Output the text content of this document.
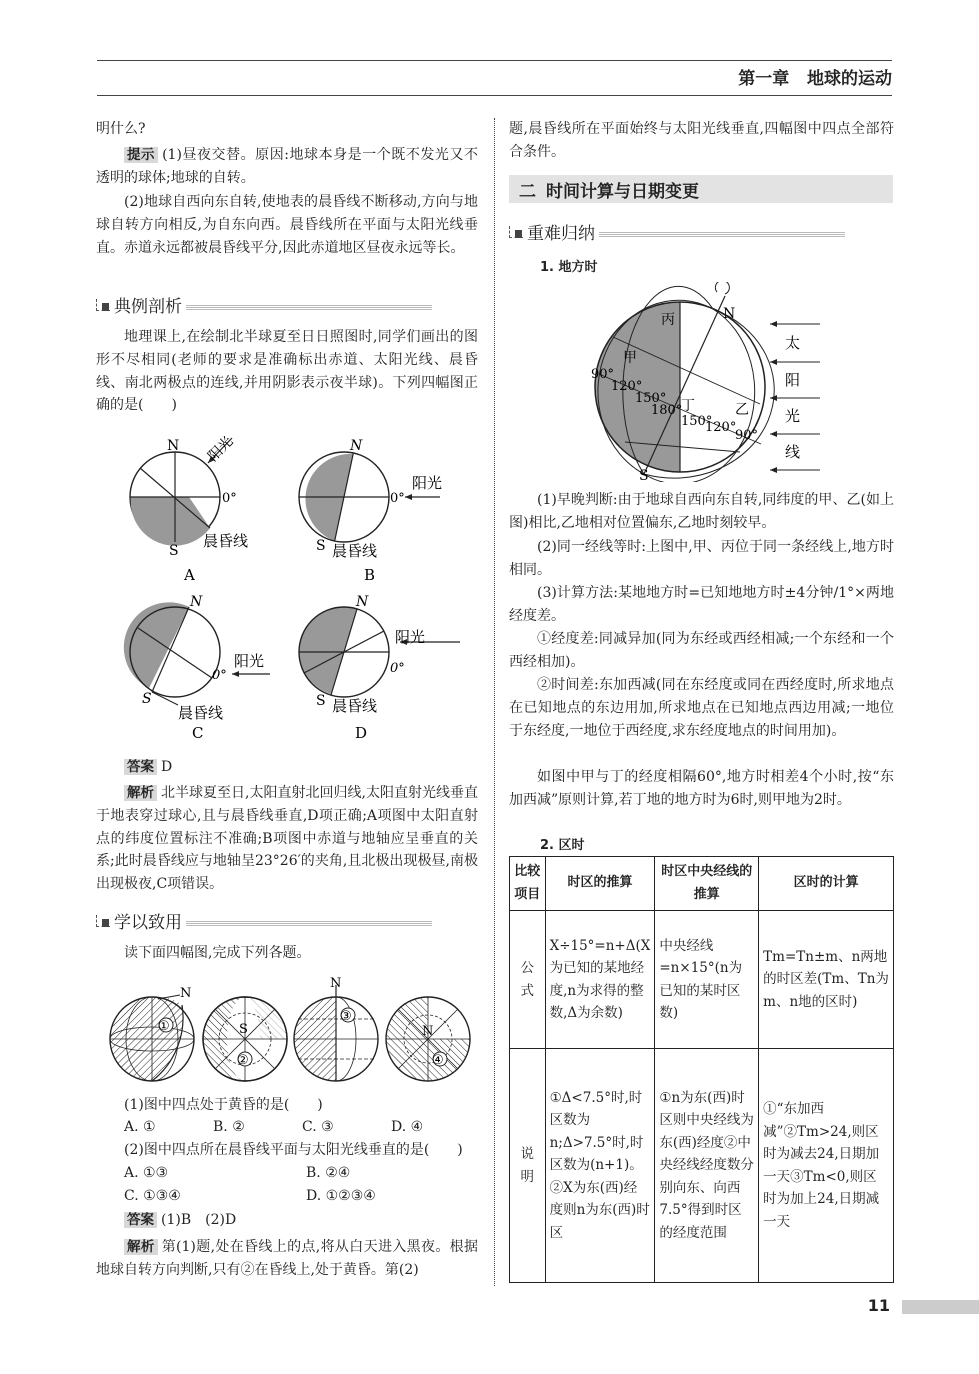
第一章 地球的运动
明什么?
提示 (1)昼夜交替。原因:地球本身是一个既不发光又不透明的球体;地球的自转。
(2)地球自西向东自转,使地表的晨昏线不断移动,方向与地球自转方向相反,为自东向西。晨昏线所在平面与太阳光线垂直。赤道永远都被晨昏线平分,因此赤道地区昼夜永远等长。
典例剖析
地理课上,在绘制北半球夏至日日照图时,同学们画出的图形不尽相同(老师的要求是准确标出赤道、太阳光线、晨昏线、南北两极点的连线,并用阴影表示夜半球)。下列四幅图正确的是(　　)
N
S
0°
阳光
晨昏线
A
N
S
0°
阳光
晨昏线
B
N
S
0°
阳光
晨昏线
C
N
S
0°
阳光
晨昏线
D
答案 D
解析 北半球夏至日,太阳直射北回归线,太阳直射光线垂直于地表穿过球心,且与晨昏线垂直,D项正确;A项图中太阳直射点的纬度位置标注不准确;B项图中赤道与地轴应呈垂直的关系;此时晨昏线应与地轴呈23°26′的夹角,且北极出现极昼,南极出现极夜,C项错误。
学以致用
读下面四幅图,完成下列各题。
N
①	S
②
N
③
N
④
(1)图中四点处于黄昏的是(　　)
A. ①	B. ②	C. ③	D. ④
(2)图中四点所在晨昏线平面与太阳光线垂直的是(　　)
A. ①③	B. ②④
C. ①③④	D. ①②③④
答案 (1)B　(2)D
解析 第(1)题,处在昏线上的点,将从白天进入黑夜。根据地球自转方向判断,只有②在昏线上,处于黄昏。第(2)
题,晨昏线所在平面始终与太阳光线垂直,四幅图中四点全部符合条件。
二 时间计算与日期变更
重难归纳
1. 地方时
N
S
丙
甲
丁	乙
90°
120°
150°
180°
150°
120°
90°
太
阳
光
线
(1)早晚判断:由于地球自西向东自转,同纬度的甲、乙(如上图)相比,乙地相对位置偏东,乙地时刻较早。
(2)同一经线等时:上图中,甲、丙位于同一条经线上,地方时相同。
(3)计算方法:某地地方时=已知地地方时±4分钟/1°×两地经度差。
①经度差:同减异加(同为东经或西经相减;一个东经和一个西经相加)。
②时间差:东加西减(同在东经度或同在西经度时,所求地点在已知地点的东边用加,所求地点在已知地点西边用减;一地位于东经度,一地位于西经度,求东经度地点的时间用加)。
如图中甲与丁的经度相隔60°,地方时相差4个小时,按“东加西减”原则计算,若丁地的地方时为6时,则甲地为2时。
2. 区时
比较项目	时区的推算	时区中央经线的推算	区时的计算
公式	X÷15°=n+Δ(X为已知的某地经度,n为求得的整数,Δ为余数)	中央经线=n×15°(n为已知的某时区数)	Tm=Tn±m、n两地的时区差(Tm、Tn为m、n地的区时)
说明	①Δ<7.5°时,时区数为n;Δ>7.5°时,时区数为(n+1)。②X为东(西)经度则n为东(西)时区	①n为东(西)时区则中央经线为东(西)经度②中央经线经度数分别向东、向西7.5°得到时区的经度范围	①“东加西减”②Tm>24,则区时为减去24,日期加一天③Tm<0,则区时为加上24,日期减一天
11
